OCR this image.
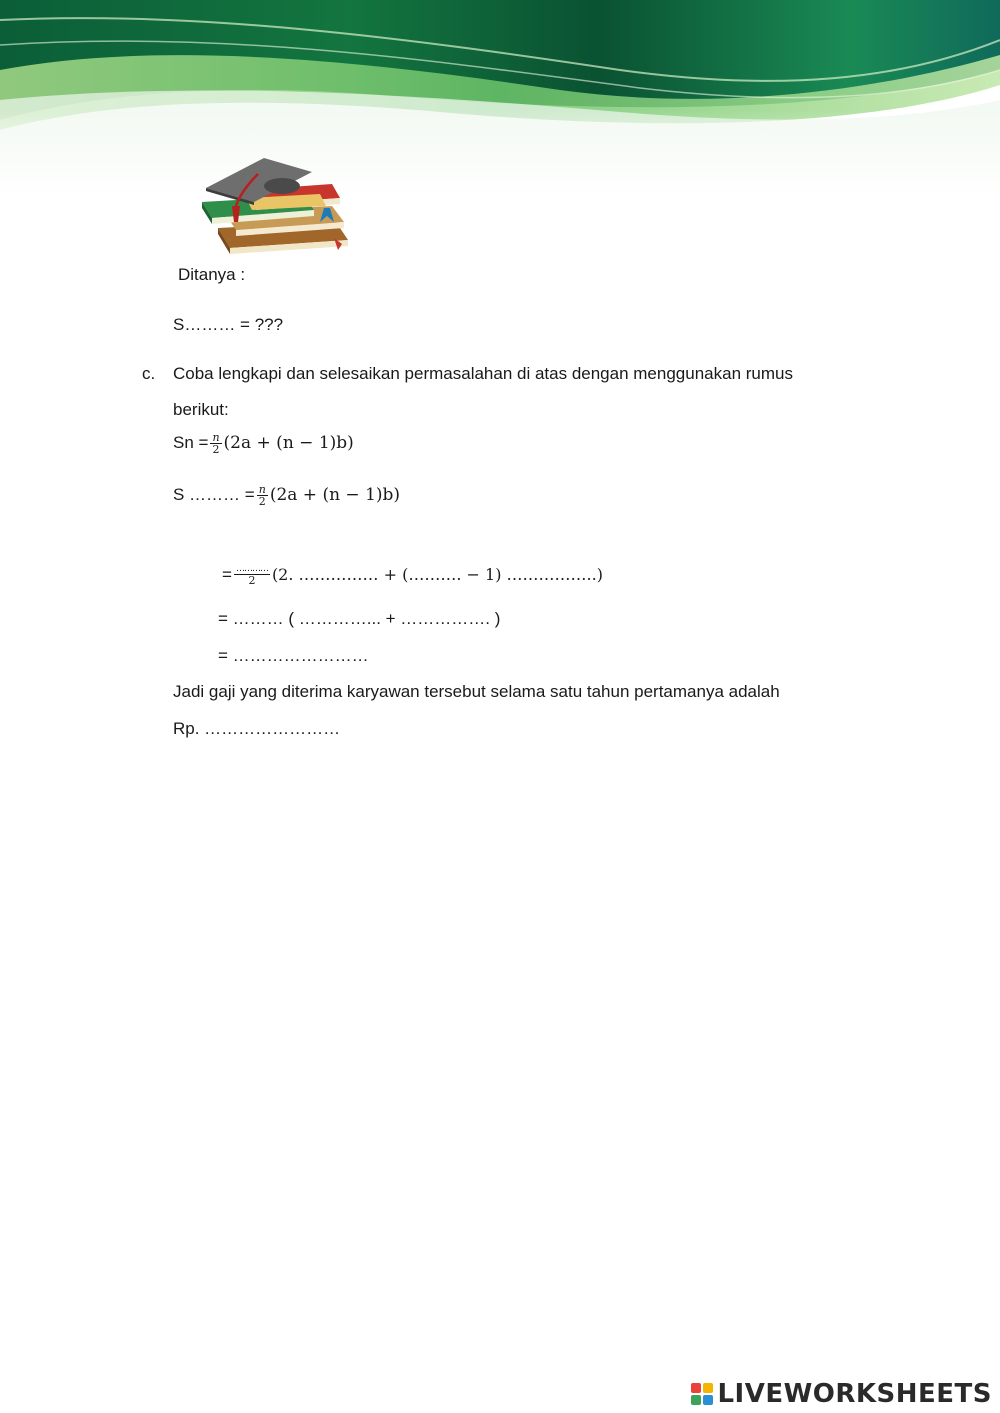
Ditanya :
S……… = ???
c. Coba lengkapi dan selesaikan permasalahan di atas dengan menggunakan rumus
berikut:
$Sn = \frac{n}{2} (2a + (n - 1)b)$
S ……… = $\frac{n}{2} (2a + (n - 1)b)$
= $\frac{\dots\dots\dots\dots}{2} (2$. …………… + (………. − 1) ……………..)
= ……… ( …………... + ……………. )
= ……………………
Jadi gaji yang diterima karyawan tersebut selama satu tahun pertamanya adalah
Rp. ……………………
LIVEWORKSHEETS
